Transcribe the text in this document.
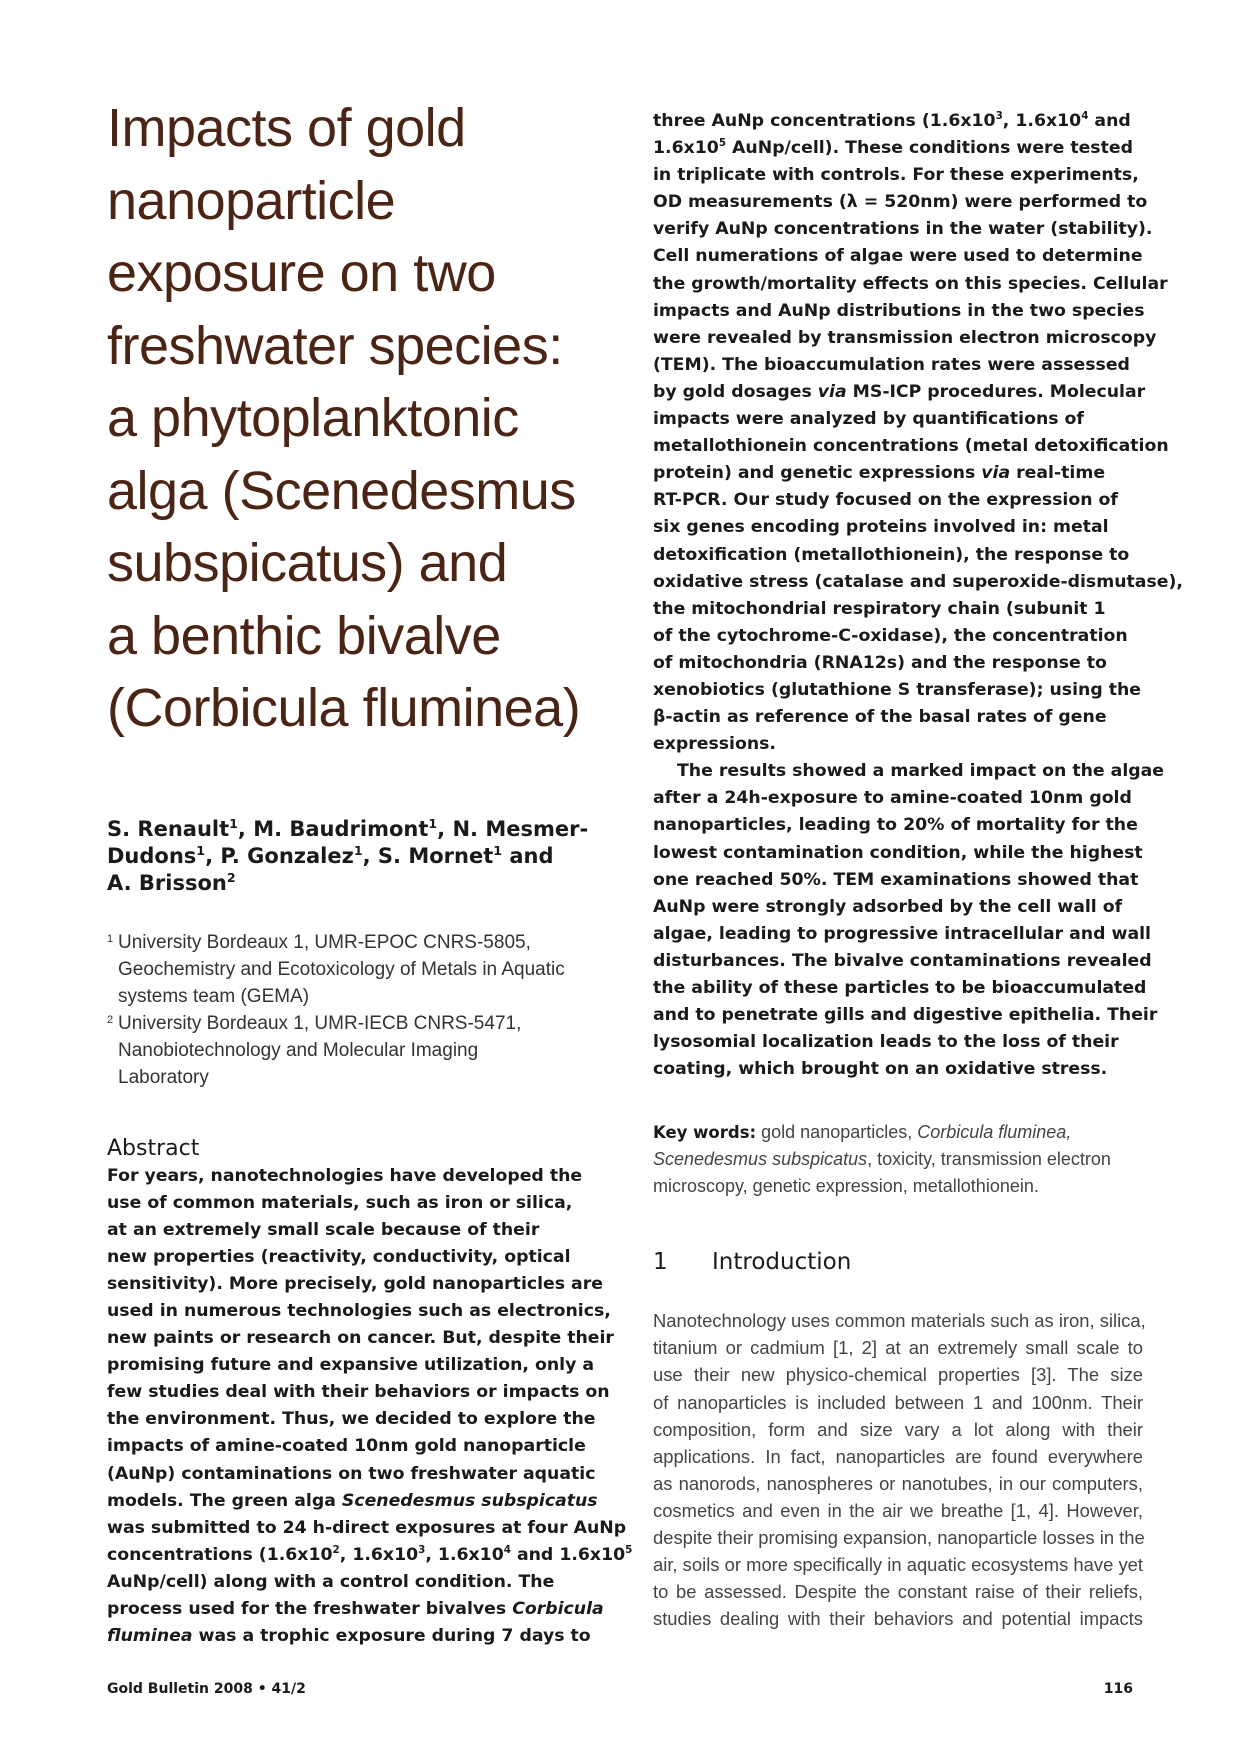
Impacts of gold
nanoparticle
exposure on two
freshwater species:
a phytoplanktonic
alga (Scenedesmus
subspicatus) and
a benthic bivalve
(Corbicula fluminea)
S. Renault$^1$, M. Baudrimont$^1$, N. Mesmer-
Dudons$^1$, P. Gonzalez$^1$, S. Mornet$^1$ and
A. Brisson$^2$
1 University Bordeaux 1, UMR-EPOC CNRS-5805,
Geochemistry and Ecotoxicology of Metals in Aquatic
systems team (GEMA)
2 University Bordeaux 1, UMR-IECB CNRS-5471,
Nanobiotechnology and Molecular Imaging
Laboratory
Abstract
For years, nanotechnologies have developed the
use of common materials, such as iron or silica,
at an extremely small scale because of their
new properties (reactivity, conductivity, optical
sensitivity). More precisely, gold nanoparticles are
used in numerous technologies such as electronics,
new paints or research on cancer. But, despite their
promising future and expansive utilization, only a
few studies deal with their behaviors or impacts on
the environment. Thus, we decided to explore the
impacts of amine-coated 10nm gold nanoparticle
(AuNp) contaminations on two freshwater aquatic
models. The green alga Scenedesmus subspicatus
was submitted to 24 h-direct exposures at four AuNp
concentrations ($1.6x10^2$, $1.6x10^3$, $1.6x10^4$ and $1.6x10^5$
AuNp/cell) along with a control condition. The
process used for the freshwater bivalves Corbicula
fluminea was a trophic exposure during 7 days to
three AuNp concentrations ($1.6x10^3$, $1.6x10^4$ and
$1.6x10^5$ AuNp/cell). These conditions were tested
in triplicate with controls. For these experiments,
OD measurements (λ = 520nm) were performed to
verify AuNp concentrations in the water (stability).
Cell numerations of algae were used to determine
the growth/mortality effects on this species. Cellular
impacts and AuNp distributions in the two species
were revealed by transmission electron microscopy
(TEM). The bioaccumulation rates were assessed
by gold dosages via MS-ICP procedures. Molecular
impacts were analyzed by quantifications of
metallothionein concentrations (metal detoxification
protein) and genetic expressions via real-time
RT-PCR. Our study focused on the expression of
six genes encoding proteins involved in: metal
detoxification (metallothionein), the response to
oxidative stress (catalase and superoxide-dismutase),
the mitochondrial respiratory chain (subunit 1
of the cytochrome-C-oxidase), the concentration
of mitochondria (RNA12s) and the response to
xenobiotics (glutathione S transferase); using the
β-actin as reference of the basal rates of gene
expressions.
The results showed a marked impact on the algae
after a 24h-exposure to amine-coated 10nm gold
nanoparticles, leading to 20% of mortality for the
lowest contamination condition, while the highest
one reached 50%. TEM examinations showed that
AuNp were strongly adsorbed by the cell wall of
algae, leading to progressive intracellular and wall
disturbances. The bivalve contaminations revealed
the ability of these particles to be bioaccumulated
and to penetrate gills and digestive epithelia. Their
lysosomial localization leads to the loss of their
coating, which brought on an oxidative stress.
Key words: gold nanoparticles, Corbicula fluminea,
Scenedesmus subspicatus, toxicity, transmission electron
microscopy, genetic expression, metallothionein.
1 Introduction
Nanotechnology uses common materials such as iron, silica,
titanium or cadmium [1, 2] at an extremely small scale to
use their new physico-chemical properties [3]. The size
of nanoparticles is included between 1 and 100nm. Their
composition, form and size vary a lot along with their
applications. In fact, nanoparticles are found everywhere
as nanorods, nanospheres or nanotubes, in our computers,
cosmetics and even in the air we breathe [1, 4]. However,
despite their promising expansion, nanoparticle losses in the
air, soils or more specifically in aquatic ecosystems have yet
to be assessed. Despite the constant raise of their reliefs,
studies dealing with their behaviors and potential impacts
Gold Bulletin 2008 • 41/2	116
